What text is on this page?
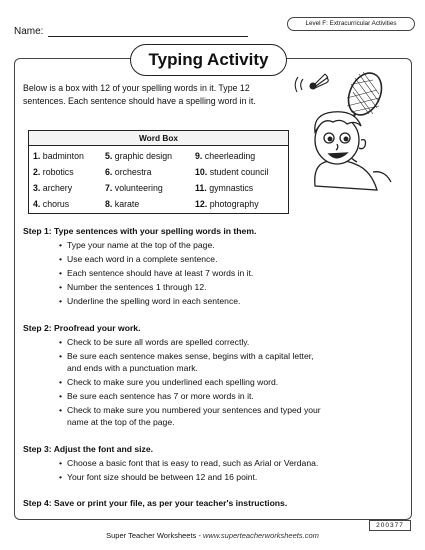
Name:
Level F: Extracurricular Activities
Typing Activity
Below is a box with 12 of your spelling words in it. Type 12 sentences. Each sentence should have a spelling word in it.
Word Box
1. badminton
2. robotics
3. archery
4. chorus
5. graphic design
6. orchestra
7. volunteering
8. karate
9. cheerleading
10. student council
11. gymnastics
12. photography
Step 1: Type sentences with your spelling words in them.
• Type your name at the top of the page.
• Use each word in a complete sentence.
• Each sentence should have at least 7 words in it.
• Number the sentences 1 through 12.
• Underline the spelling word in each sentence.
Step 2: Proofread your work.
• Check to be sure all words are spelled correctly.
• Be sure each sentence makes sense, begins with a capital letter,
and ends with a punctuation mark.
• Check to make sure you underlined each spelling word.
• Be sure each sentence has 7 or more words in it.
• Check to make sure you numbered your sentences and typed your
name at the top of the page.
Step 3: Adjust the font and size.
• Choose a basic font that is easy to read, such as Arial or Verdana.
• Your font size should be between 12 and 16 point.
Step 4: Save or print your file, as per your teacher's instructions.
200377
Super Teacher Worksheets - www.superteacherworksheets.com
